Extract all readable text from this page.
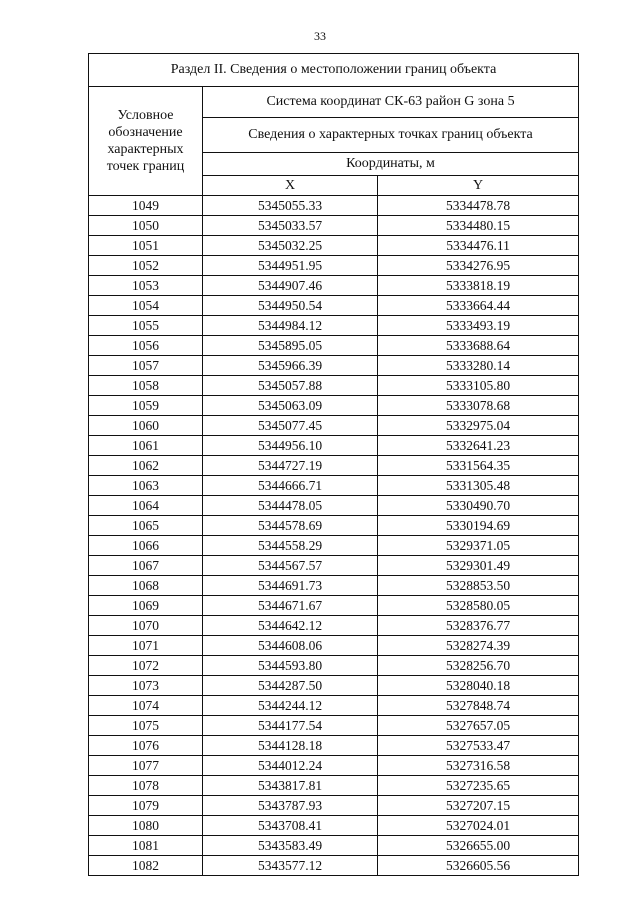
33
Раздел II. Сведения о местоположении границ объекта		
Условное обозначение характерных точек границ	Система координат СК-63 район G зона 5	
	Сведения о характерных точках границ объекта	
	Координаты, м	
	X	Y
1049	5345055.33	5334478.78
1050	5345033.57	5334480.15
1051	5345032.25	5334476.11
1052	5344951.95	5334276.95
1053	5344907.46	5333818.19
1054	5344950.54	5333664.44
1055	5344984.12	5333493.19
1056	5345895.05	5333688.64
1057	5345966.39	5333280.14
1058	5345057.88	5333105.80
1059	5345063.09	5333078.68
1060	5345077.45	5332975.04
1061	5344956.10	5332641.23
1062	5344727.19	5331564.35
1063	5344666.71	5331305.48
1064	5344478.05	5330490.70
1065	5344578.69	5330194.69
1066	5344558.29	5329371.05
1067	5344567.57	5329301.49
1068	5344691.73	5328853.50
1069	5344671.67	5328580.05
1070	5344642.12	5328376.77
1071	5344608.06	5328274.39
1072	5344593.80	5328256.70
1073	5344287.50	5328040.18
1074	5344244.12	5327848.74
1075	5344177.54	5327657.05
1076	5344128.18	5327533.47
1077	5344012.24	5327316.58
1078	5343817.81	5327235.65
1079	5343787.93	5327207.15
1080	5343708.41	5327024.01
1081	5343583.49	5326655.00
1082	5343577.12	5326605.56
